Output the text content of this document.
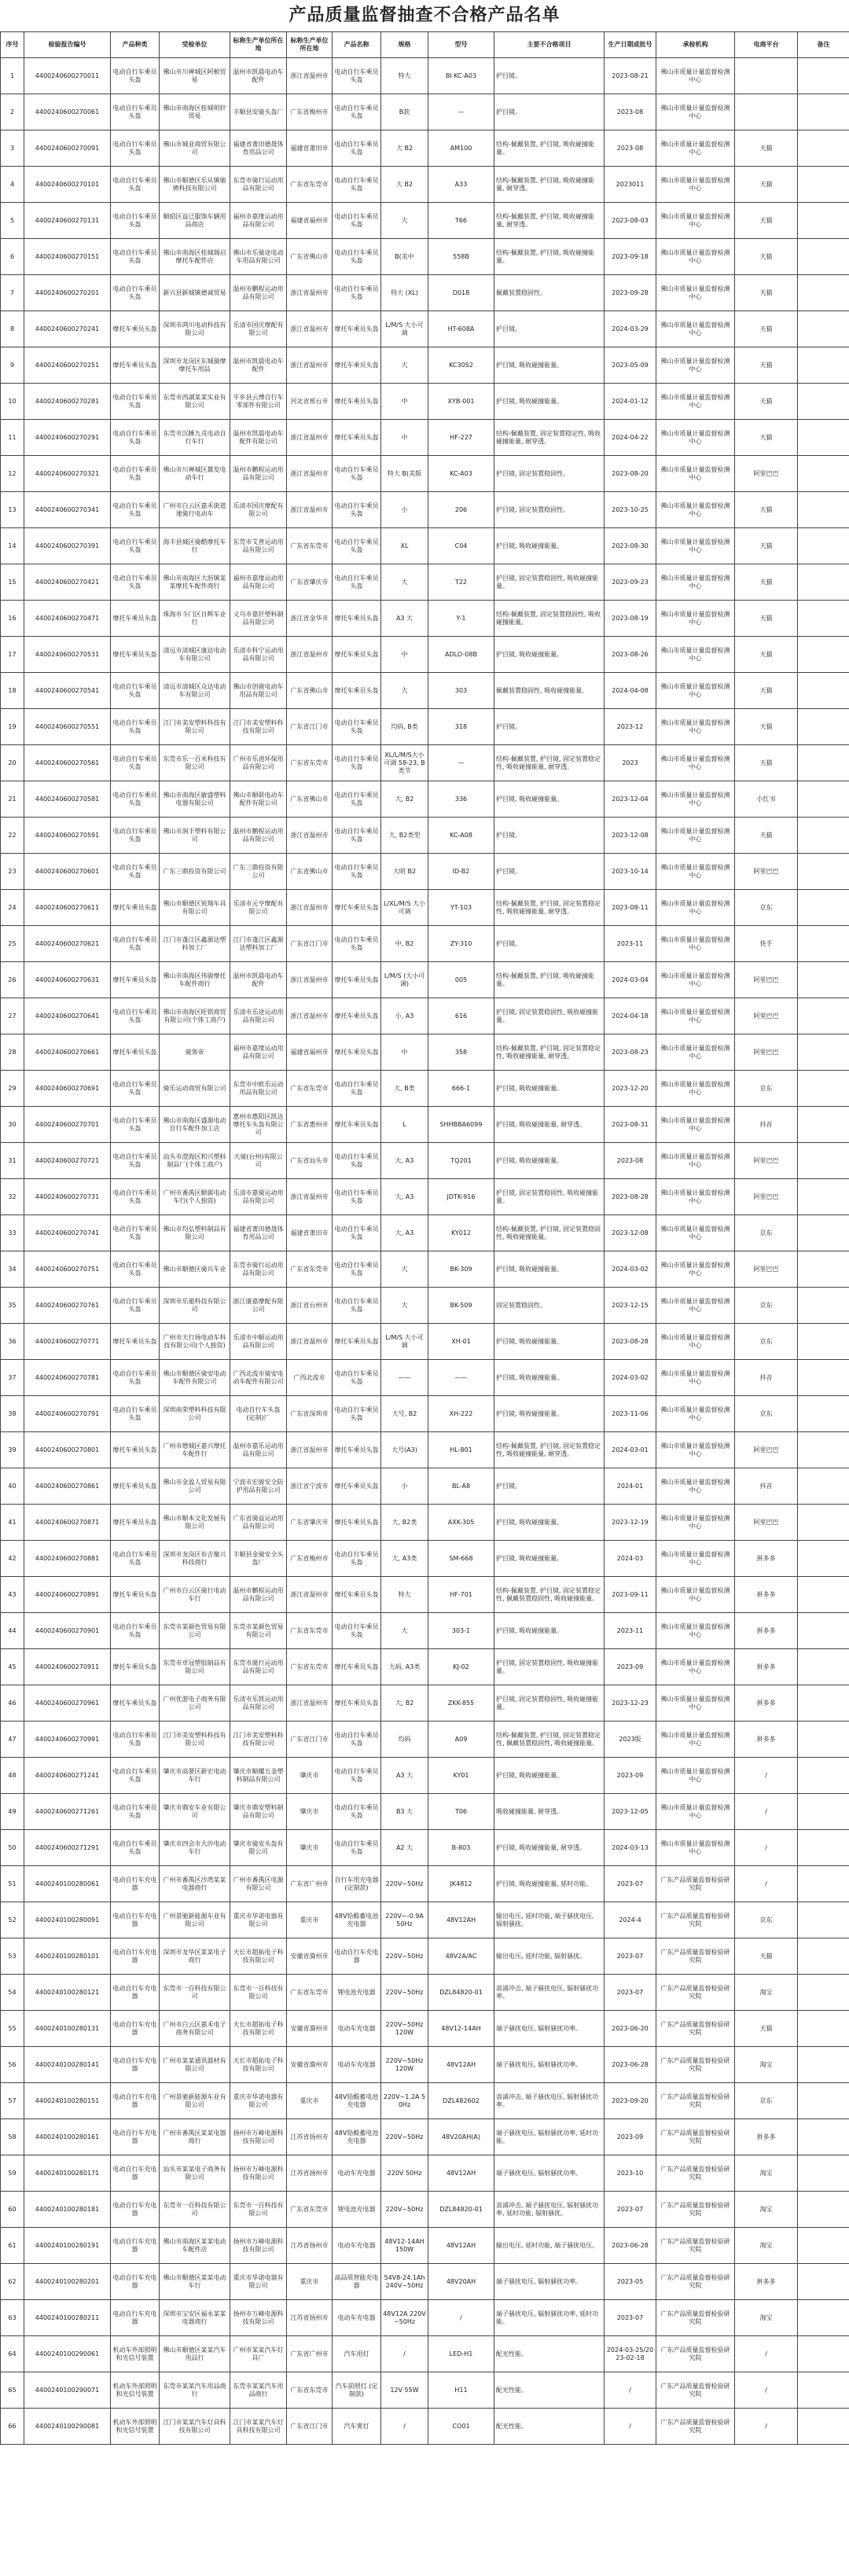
产品质量监督抽查不合格产品名单
序号	检验报告编号	产品种类	受检单位	标称生产单位所在地	标称生产单位所在地	产品名称	规格	型号	主要不合格项目	生产日期或批号	承检机构	电商平台	备注
1	4400240600270011	电动自行车乘员头盔	佛山市川禅城区阿顿贸易	温州市凯晨电动车配件	浙江省温州市	电动自行车乘员头盔	特大	BI KC-A03	护目镜。	2023-08-21	佛山市质量计量监督检测中心		
2	4400240600270061	电动自行车乘员头盔	佛山市南海区桂城明轩贸易	丰顺县安骑头盔厂	广东省梅州市	电动自行车乘员头盔	B款	—	护目镜。	2023-08	佛山市质量计量监督检测中心		
3	4400240600270091	电动自行车乘员头盔	佛山市城业商贸有限公司	福建省莆田德晟体育用品公司	福建省莆田市	电动自行车乘员头盔	大 B2	AM100	结构-佩戴装置, 护目镜, 吸收碰撞能量。	2023-08	佛山市质量计量监督检测中心	天猫	
4	4400240600270101	电动自行车乘员头盔	佛山市顺德区乐从镇驰骋科技有限公司	东莞市骑行运动用品有限公司	广东省东莞市	电动自行车乘员头盔	大 B2	A33	结构-佩戴装置, 护目镜, 吸收碰撞能量, 耐穿透。	2023011	佛山市质量计量监督检测中心	天猫	
5	4400240600270131	电动自行车乘员头盔	顺昭区益已服饰车辆用品商店	福州市嘉缘运动用品有限公司	福建省福州市	电动自行车乘员头盔	大	T66	结构-佩戴装置, 护目镜, 吸收碰撞能量, 耐穿透。	2023-08-03	佛山市质量计量监督检测中心	天猫	
6	4400240600270151	电动自行车乘员头盔	佛山市南海区桂城瑞启摩托车配件店	佛山市乐骑途电动车用品有限公司	广东省佛山市	电动自行车乘员头盔	B(美中	558B	结构-佩戴装置, 护目镜, 吸收碰撞能量。	2023-09-18	佛山市质量计量监督检测中心	天猫	
7	4400240600270201	电动自行车乘员头盔	新兴县新城镇德诚贸易	温州市鹏程运动用品有限公司	浙江省温州市	电动自行车乘员头盔	特大 (XL)	D018	佩戴装置稳固性。	2023-09-28	佛山市质量计量监督检测中心	天猫	
8	4400240600270241	摩托车乘员头盔	深圳市鸿川电动科技有限公司	乐清市国庆摩配有限公司	浙江省温州市	摩托车乘员头盔	L/M/S 大小可调	HT-608A	护目镜。	2024-03-29	佛山市质量计量监督检测中心	天猫	
9	4400240600270251	摩托车乘员头盔	深圳市龙岗区东城骑摩摩托车用品	温州市凯晨电动车配件	浙江省温州市	摩托车乘员头盔	大	KC3052	护目镜, 吸收碰撞能量。	2023-05-09	佛山市质量计量监督检测中心	天猫	
10	4400240600270281	电动自行车乘员头盔	东莞市西湖某某实业有限公司	平乡县云博自行车零部件有限公司	河北省邢台市	摩托车乘员头盔	中	XYB-001	护目镜, 吸收碰撞能量。	2024-01-12	佛山市质量计量监督检测中心	天猫	
11	4400240600270291	电动自行车乘员头盔	东莞市沉睡九戎电动自行车行	温州市凯晨电动车配件有限公司	浙江省温州市	摩托车乘员头盔	中	HF-227	结构-佩戴装置, 固定装置稳定性, 吸收碰撞能量, 耐穿透。	2024-04-22	佛山市质量计量监督检测中心	天猫	
12	4400240600270321	电动自行车乘员头盔	佛山市川禅城区雄发电动车行	温州市鹏程运动用品有限公司	浙江省温州市	电动自行车乘员头盔	特大 B(美版	KC-A03	护目镜, 固定装置稳固性。	2023-08-20	佛山市质量计量监督检测中心	阿里巴巴	
13	4400240600270341	电动自行车乘员头盔	广州市白云区嘉禾街道速骑行电动车	乐清市国庆摩配有限公司	浙江省温州市	电动自行车乘员头盔	小	206	护目镜, 固定装置稳固性。	2023-10-25	佛山市质量计量监督检测中心	天猫	
14	4400240600270391	电动自行车乘员头盔	海丰县城区骑酷摩托车行	东莞市艾普运动用品有限公司	广东省东莞市	电动自行车乘员头盔	XL	C04	护目镜, 吸收碰撞能量。	2023-08-30	佛山市质量计量监督检测中心	天猫	
15	4400240600270421	电动自行车乘员头盔	佛山市南海区大沥镇某某摩托车配件商行	福州市嘉缘运动用品有限公司	广东省肇庆市	电动自行车乘员头盔	大	T22	护目镜, 固定装置稳固性, 吸收碰撞能量。	2023-09-23	佛山市质量计量监督检测中心	天猫	
16	4400240600270471	摩托车乘员头盔	珠海市斗门区日辉车业行	义乌市嘉钎塑料制品有限公司	浙江省金华市	摩托车乘员头盔	A3 大	Y-1	结构-佩戴装置, 固定装置稳固性, 吸收碰撞能量。	2023-08-19	佛山市质量计量监督检测中心	天猫	
17	4400240600270531	摩托车乘员头盔	清远市清城区康达电动车有限公司	乐清市科宁运动用品有限公司	浙江省温州市	摩托车乘员头盔	中	ADLO-08B	护目镜, 吸收碰撞能量。	2023-08-26	佛山市质量计量监督检测中心	天猫	
18	4400240600270541	电动自行车乘员头盔	清远市清城区众达电动车有限公司	佛山市创骏电动车用品有限公司	广东省佛山市	摩托车乘员头盔	大	303	佩戴装置稳固性, 吸收碰撞能量。	2024-04-08	佛山市质量计量监督检测中心	天猫	
19	4400240600270551	电动自行车乘员头盔	江门市美安塑料科技有限公司	江门市美安塑料科技有限公司	广东省江门市	电动自行车乘员头盔	均码, B类	318	护目镜。	2023-12	佛山市质量计量监督检测中心	天猫	
20	4400240600270561	电动自行车乘员头盔	东莞市乐一百米科技有限公司	广州市乐进环保用品有限公司	广东省东莞市	电动自行车乘员头盔	XL/L/M/S大小可调 58-23, B类节	—	结构-佩戴装置, 护目镜, 固定装置稳定性, 吸收碰撞能量, 耐穿透。	2023	佛山市质量计量监督检测中心	天猫	
21	4400240600270581	电动自行车乘员头盔	佛山市南海区敏盛塑料电器有限公司	佛山市顺联电动车配件有限公司	广东省佛山市	电动自行车乘员头盔	大, B2	336	护目镜, 吸收碰撞能量。	2023-12-04	佛山市质量计量监督检测中心	小红书	
22	4400240600270591	电动自行车乘员头盔	佛山市润丰塑料有限公司	温州市鹏程运动用品有限公司	浙江省温州市	电动自行车乘员头盔	大, B2类型	KC-A08	护目镜。	2023-12-08	佛山市质量计量监督检测中心	天猫	
23	4400240600270601	电动自行车乘员头盔	广东三鼎投资有限公司	广东三鼎投资有限公司	广东省佛山市	电动自行车乘员头盔	大明 B2	ID-B2	护目镜。	2023-10-14	佛山市质量计量监督检测中心	阿里巴巴	
24	4400240600270611	摩托车乘员头盔	佛山市顺德区锐翔车具有限公司	乐清市元亨摩配有限公司	浙江省温州市	摩托车乘员头盔	L/XL/M/S 大小可调	YT-103	结构-佩戴装置, 护目镜, 固定装置稳定性, 吸收碰撞能量, 耐穿透。	2023-08-11	佛山市质量计量监督检测中心	京东	
25	4400240600270621	电动自行车乘员头盔	江门市蓬江区鑫源达塑料加工厂	江门市蓬江区鑫源达塑料加工厂	广东省江门市	电动自行车乘员头盔	中, B2	ZY-310	护目镜。	2023-11	佛山市质量计量监督检测中心	快手	
26	4400240600270631	摩托车乘员头盔	佛山市南海区伟骏摩托车配件商行	温州市凯晨电动车配件	浙江省温州市	摩托车乘员头盔	L/M/S (大小可调)	005	结构-佩戴装置, 护目镜, 吸收碰撞能量。	2024-03-04	佛山市质量计量监督检测中心	阿里巴巴	
27	4400240600270641	电动自行车乘员头盔	佛山市南海区旺铭商贸有限公司(个体工商户)	乐清市乐途运动用品有限公司	浙江省温州市	摩托车乘员头盔	小, A3	616	护目镜, 固定装置稳固性, 吸收碰撞能量。	2024-04-18	佛山市质量计量监督检测中心	阿里巴巴	
28	4400240600270661	摩托车乘员头盔	骑客帝	福州市嘉缘运动用品有限公司	福建省福州市	摩托车乘员头盔	中	358	结构-佩戴装置, 护目镜, 固定装置稳定性, 吸收碰撞能量, 耐穿透。	2023-08-23	佛山市质量计量监督检测中心	阿里巴巴	
29	4400240600270691	电动自行车乘员头盔	骑乐运动商贸有限公司	东莞市中欧乐运动用品有限公司	广东省东莞市	电动自行车乘员头盔	大, B类	666-1	护目镜, 吸收碰撞能量。	2023-12-20	佛山市质量计量监督检测中心	京东	
30	4400240600270701	电动自行车乘员头盔	佛山市南海区盛源电动自行车配件加工店	惠州市惠阳区凯达摩托车头盔有限公司	广东省惠州市	摩托车乘员头盔	L	SHHBBA6099	护目镜, 吸收碰撞能量, 耐穿透。	2023-08-31	佛山市质量计量监督检测中心	抖音	
31	4400240600270721	电动自行车乘员头盔	汕头市澄海区和兴塑料制品厂(个体工商户)	天骑(台州)有限公司	广东省汕头市	电动自行车乘员头盔	大, A3	TQ201	护目镜, 吸收碰撞能量。	2023-08	佛山市质量计量监督检测中心	阿里巴巴	
32	4400240600270731	电动自行车乘员头盔	广州市番禺区顺骐电动车行(个人独资)	乐清市嘉骑运动用品有限公司	浙江省温州市	电动自行车乘员头盔	大, A3	JDTK-916	护目镜, 固定装置稳固性, 吸收碰撞能量。	2023-08-28	佛山市质量计量监督检测中心	阿里巴巴	
33	4400240600270741	电动自行车乘员头盔	佛山市均弘塑料制品有限公司	福建省莆田德晟体育用品公司	福建省莆田市	电动自行车乘员头盔	大, A3	KY012	结构-佩戴装置, 护目镜, 固定装置稳固性, 吸收碰撞能量。	2023-12-08	佛山市质量计量监督检测中心	京东	
34	4400240600270751	电动自行车乘员头盔	佛山市顺德区骑兵车业	东莞市骑行运动用品有限公司	广东省东莞市	电动自行车乘员头盔	大	BK-309	护目镜, 吸收碰撞能量。	2024-03-02	佛山市质量计量监督检测中心	阿里巴巴	
35	4400240600270761	电动自行车乘员头盔	深圳市乐驰科技有限公司	浙江康嘉摩配有限公司	浙江省台州市	电动自行车乘员头盔	大	BK-509	固定装置稳固性。	2023-12-15	佛山市质量计量监督检测中心	京东	
36	4400240600270771	摩托车乘员头盔	广州市天行扬电动车科技有限公司(个人独资)	乐清市中顺运动用品有限公司	浙江省温州市	摩托车乘员头盔	L/M/S 大小可调	XH-01	护目镜, 吸收碰撞能量。	2023-08-28	佛山市质量计量监督检测中心	京东	
37	4400240600270781	电动自行车乘员头盔	佛山市顺德区骑安电动车配件有限公司	广西北流市骑安电动车配件有限公司	广西北流市	电动自行车乘员头盔	——	——	护目镜, 吸收碰撞能量。	2024-03-02	佛山市质量计量监督检测中心	抖音	
38	4400240600270791	电动自行车乘员头盔	深圳南荣塑料科技有限公司	电动自行车头盔(定制)厂	广东省深圳市	电动自行车乘员头盔	大号, B2	XH-222	护目镜, 吸收碰撞能量。	2023-11-06	佛山市质量计量监督检测中心	京东	
39	4400240600270801	摩托车乘员头盔	广州市增城区嘉兴摩托车配件行	温州市嘉乐运动用品有限公司	浙江省温州市	摩托车乘员头盔	大号(A3)	HL-801	结构-佩戴装置, 护目镜, 固定装置稳定性, 吸收碰撞能量, 耐穿透。	2024-03-01	佛山市质量计量监督检测中心	阿里巴巴	
40	4400240600270861	摩托车乘员头盔	佛山市金盈人贸易有限公司	宁波市宏骏安全防护用品有限公司	浙江省宁波市	摩托车乘员头盔	小	BL-A8	护目镜。	2024-01	佛山市质量计量监督检测中心	抖音	
41	4400240600270871	摩托车乘员头盔	佛山市顺本文化发展有限公司	广东省骑益运动用品有限公司	广东省肇庆市	摩托车乘员头盔	大, B2类	AXK-305	护目镜, 吸收碰撞能量。	2023-12-19	佛山市质量计量监督检测中心	阿里巴巴	
42	4400240600270881	电动自行车乘员头盔	深圳市龙岗区布吉聚兴科技商行	丰顺县金骑安全头盔厂	广东省梅州市	电动自行车乘员头盔	大, A3类	SM-668	护目镜, 吸收碰撞能量。	2024-03	佛山市质量计量监督检测中心	拼多多	
43	4400240600270891	摩托车乘员头盔	广州市白云区骑行电动车行	温州市鹏程运动用品有限公司	浙江省温州市	摩托车乘员头盔	特大	HF-701	结构-佩戴装置, 护目镜, 固定装置稳定性, 佩戴装置稳固性, 吸收碰撞能量。	2023-09-11	佛山市质量计量监督检测中心	拼多多	
44	4400240600270901	电动自行车乘员头盔	东莞市某颜色贸易有限公司	东莞市某颜色贸易有限公司	广东省东莞市	电动自行车乘员头盔	大	303-1	护目镜, 吸收碰撞能量。	2023-11	佛山市质量计量监督检测中心	拼多多	
45	4400240600270911	摩托车乘员头盔	东莞市卓冠塑胶制品有限公司	东莞市骑行运动用品有限公司	广东省东莞市	摩托车乘员头盔	大码, A3类	KJ-02	护目镜, 固定装置稳固性, 吸收碰撞能量。	2023-09	佛山市质量计量监督检测中心	拼多多	
46	4400240600270961	摩托车乘员头盔	广州优游电子商务有限公司	乐清市乐凯运动用品有限公司	浙江省温州市	摩托车乘员头盔	大, B2	ZKK-855	护目镜, 固定装置稳固性, 吸收碰撞能量。	2023-12-23	佛山市质量计量监督检测中心	拼多多	
47	4400240600270991	电动自行车乘员头盔	江门市美安塑料科技有限公司	江门市美安塑料科技有限公司	广东省江门市	电动自行车乘员头盔	均码	A09	结构-佩戴装置, 护目镜, 固定装置稳定性, 佩戴装置稳固性, 吸收碰撞能量。	2023版	佛山市质量计量监督检测中心	拼多多	
48	4400240600271241	电动自行车乘员头盔	肇庆市高要区新宏电动车行	肇庆市顺耀五金塑料制品有限公司	肇庆市	电动自行车乘员头盔	A3 大	KY01	护目镜, 吸收碰撞能量。	2023-09	佛山市质量计量监督检测中心	/	
49	4400240600271261	电动自行车乘员头盔	肇庆市鼎安车业有限公司	肇庆市鼎安塑料制品有限公司	肇庆市	电动自行车乘员头盔	B3 大	T06	吸收碰撞能量, 耐穿透。	2023-12-05	佛山市质量计量监督检测中心	/	
50	4400240600271291	电动自行车乘员头盔	肇庆市四会市大沙电动车行	肇庆市骑安头盔有限公司	肇庆市	电动自行车乘员头盔	A2 大	B-803	护目镜, 吸收碰撞能量, 耐穿透。	2024-03-13	佛山市质量计量监督检测中心	/	
51	4400240100280061	电动自行车充电器	广州市番禺区沙湾某某电器商行	广州市番禺区电源有限公司	广东省广州市	自行车用充电器 (定制款)	220V~50Hz	JK4812	护目镜, 吸收碰撞能量, 延时功能。	2023-07	广东产品质量监督检验研究院	/	
52	4400240100280091	电动自行车充电器	广州景驰新能源车业有限公司	重庆市华诺电器有限公司	重庆市	48V铅酸蓄电池充电器	220V~-0.9A 50Hz	48V12AH	输出电压, 延时功能, 端子骚扰电压, 辐射骚扰。	2024-4	广东产品质量监督检验研究院	京东	
53	4400240100280101	电动自行车充电器	深圳市龙华区某某电子商行	天长市超拓电子科技有限公司	安徽省滁州市	电动自行车充电器	220V~50Hz	48V2A/AC	输出电压, 延时功能, 辐射骚扰。	2023-07	广东产品质量监督检验研究院	天猫	
54	4400240100280121	电动自行车充电器	东莞市一百科技有限公司	东莞市一百科技有限公司	广东省东莞市	锂电池充电器	220V~50Hz	DZL84820-01	浪涌冲击, 端子骚扰电压, 辐射骚扰功率。	2023-07	广东产品质量监督检验研究院	淘宝	
55	4400240100280131	电动自行车充电器	广州市白云区嘉禾电子商务有限公司	天长市超拓电子科技有限公司	安徽省滁州市	电动车充电器	220V~50Hz 120W	48V12-14AH	端子骚扰电压, 辐射骚扰功率。	2023-06-20	广东产品质量监督检验研究院	天猫	
56	4400240100280141	电动自行车充电器	广州市某某通讯器材有限公司	天长市超拓电子科技有限公司	安徽省滁州市	电动车充电器	220V~50Hz 120W	48V12AH	端子骚扰电压, 辐射骚扰功率。	2023-06-28	广东产品质量监督检验研究院	淘宝	
57	4400240100280151	电动自行车充电器	广州景驰新能源车业有限公司	重庆市华诺电器有限公司	重庆市	48V铅酸蓄电池充电器	220V~1.2A 50Hz	DZL482602	浪涌冲击, 端子骚扰电压, 辐射骚扰功率。	2023-09-20	广东产品质量监督检验研究院	京东	
58	4400240100280161	电动自行车充电器	广州市番禺区某某电器商行	扬州市万峰电源科技有限公司	江苏省扬州市	48V铅酸蓄电池充电器	220V~50Hz	48V20AH(A)	端子骚扰电压, 辐射骚扰功率, 延时功能。	2023-09	广东产品质量监督检验研究院	拼多多	
59	4400240100280171	电动自行车充电器	汕头市某某电子商务有限公司	扬州市万峰电源科技有限公司	江苏省扬州市	电动车充电器	220V 50Hz	48V12AH	端子骚扰电压, 辐射骚扰功率。	2023-10	广东产品质量监督检验研究院	淘宝	
60	4400240100280181	电动自行车充电器	东莞市一百科技有限公司	东莞市一百科技有限公司	广东省东莞市	锂电池充电器	220V~50Hz	DZL84820-01	浪涌冲击, 端子骚扰电压, 辐射骚扰功率, 延时功能, 辐射骚扰。	2023-07	广东产品质量监督检验研究院	淘宝	
61	4400240100280191	电动自行车充电器	佛山市南海区某某电动车配件店	扬州市万峰电源科技有限公司	江苏省扬州市	电动车充电器	48V12-14AH 150W	48V12AH	输出电压, 延时功能, 端子骚扰电压。	2023-06-28	广东产品质量监督检验研究院	淘宝	
62	4400240100280201	电动自行车充电器	佛山市顺德区某某电动车行	重庆市华诺电器有限公司	重庆市	高品质智能充电器	54V8-24.1Ah 240V~50Hz	48V20AH	端子骚扰电压, 辐射骚扰功率。	2023-05	广东产品质量监督检验研究院	拼多多	
63	4400240100280211	电动自行车充电器	深圳市宝安区福永某某电器商行	扬州市万峰电源科技有限公司	江苏省扬州市	电动车充电器	48V12A 220V~50Hz	/	端子骚扰电压, 辐射骚扰功率, 延时功能。	2023-07	广东产品质量监督检验研究院	淘宝	
64	4400240100290061	机动车外部照明和光信号装置	佛山市顺德区某某汽车用品行	广州市某某汽车灯具厂	广东省广州市	汽车用灯	/	LED-H1	配光性能。	2024-03-25/2023-02-18	广东产品质量监督检验研究院	/	
65	4400240100290071	机动车外部照明和光信号装置	东莞市某某汽车用品商行	东莞市某某汽车用品商行	广东省东莞市	汽车前照灯 (定制款)	12V 55W	H11	配光性能。	/	广东产品质量监督检验研究院	/	
66	4400240100290081	机动车外部照明和光信号装置	江门市某某汽车灯具科技有限公司	江门市某某汽车灯具科技有限公司	广东省江门市	汽车雾灯	/	CO01	配光性能。	/	广东产品质量监督检验研究院	/	
